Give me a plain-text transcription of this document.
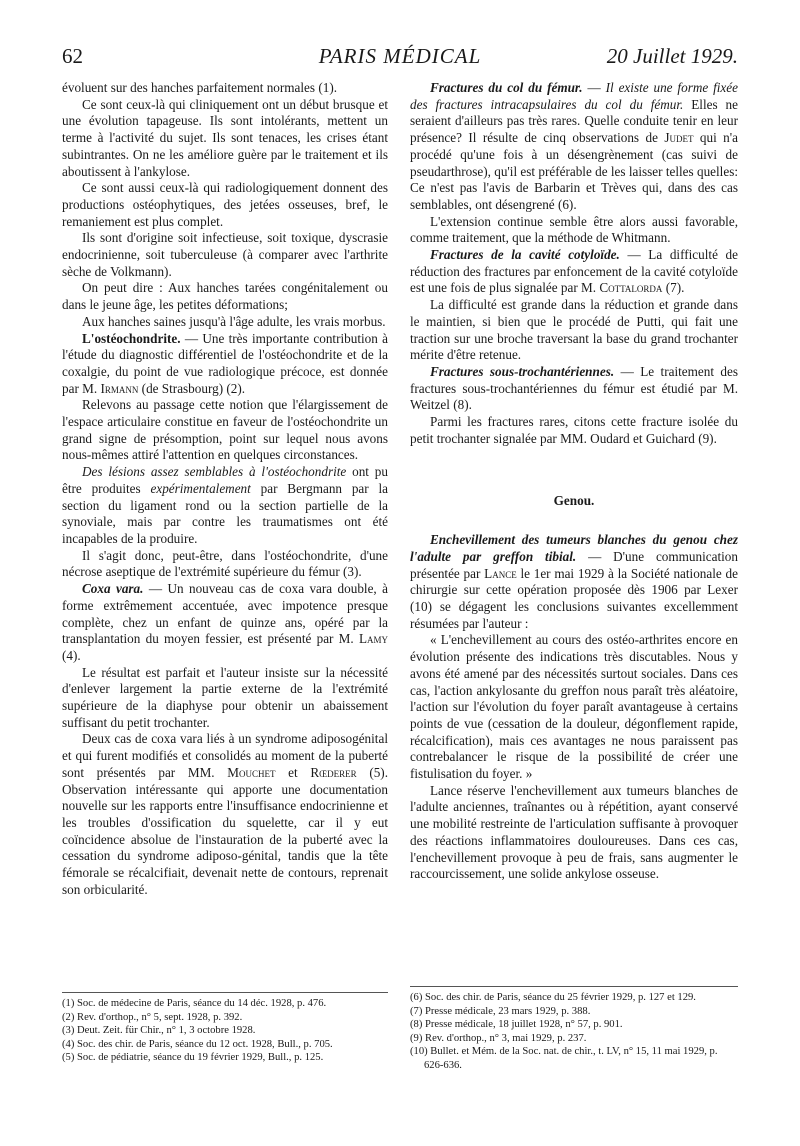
62	PARIS MÉDICAL	20 Juillet 1929.

évoluent sur des hanches parfaitement normales (1).

Ce sont ceux-là qui cliniquement ont un début brusque et une évolution tapageuse. Ils sont intolérants, mettent un terme à l'activité du sujet. Ils sont tenaces, les crises étant subintrantes. On ne les améliore guère par le traitement et ils aboutissent à l'ankylose.

Ce sont aussi ceux-là qui radiologiquement donnent des productions ostéophytiques, des jetées osseuses, bref, le remaniement est plus complet.

Ils sont d'origine soit infectieuse, soit toxique, dyscrasie endocrinienne, soit tuberculeuse (à comparer avec l'arthrite sèche de Volkmann).

On peut dire : Aux hanches tarées congénitalement ou dans le jeune âge, les petites déformations;

Aux hanches saines jusqu'à l'âge adulte, les vrais morbus.

L'ostéochondrite. — Une très importante contribution à l'étude du diagnostic différentiel de l'ostéochondrite et de la coxalgie, du point de vue radiologique précoce, est donnée par M. Irmann (de Strasbourg) (2).

Relevons au passage cette notion que l'élargissement de l'espace articulaire constitue en faveur de l'ostéochondrite un grand signe de présomption, point sur lequel nous avons nous-mêmes attiré l'attention en quelques circonstances.

Des lésions assez semblables à l'ostéochondrite ont pu être produites expérimentalement par Bergmann par la section du ligament rond ou la section partielle de la synoviale, mais par contre les traumatismes ont été incapables de la produire.

Il s'agit donc, peut-être, dans l'ostéochondrite, d'une nécrose aseptique de l'extrémité supérieure du fémur (3).

Coxa vara. — Un nouveau cas de coxa vara double, à forme extrêmement accentuée, avec impotence presque complète, chez un enfant de quinze ans, opéré par la transplantation du moyen fessier, est présenté par M. Lamy (4).

Le résultat est parfait et l'auteur insiste sur la nécessité d'enlever largement la partie externe de la l'extrémité supérieure de la diaphyse pour obtenir un abaissement suffisant du petit trochanter.

Deux cas de coxa vara liés à un syndrome adiposogénital et qui furent modifiés et consolidés au moment de la puberté sont présentés par MM. Mouchet et Rœderer (5). Observation intéressante qui apporte une documentation nouvelle sur les rapports entre l'insuffisance endocrinienne et les troubles d'ossification du squelette, car il y eut coïncidence absolue de l'instauration de la puberté avec la cessation du syndrome adiposo-génital, tandis que la tête fémorale se récalcifiait, devenait nette de contours, reprenait son orbicularité.

Fractures du col du fémur. — Il existe une forme fixée des fractures intracapsulaires du col du fémur. Elles ne seraient d'ailleurs pas très rares. Quelle conduite tenir en leur présence? Il résulte de cinq observations de Judet qui n'a procédé qu'une fois à un désengrènement (cas suivi de pseudarthrose), qu'il est préférable de les laisser telles quelles: Ce n'est pas l'avis de Barbarin et Trèves qui, dans des cas semblables, ont désengrené (6).

L'extension continue semble être alors aussi favorable, comme traitement, que la méthode de Whitmann.

Fractures de la cavité cotyloïde. — La difficulté de réduction des fractures par enfoncement de la cavité cotyloïde est une fois de plus signalée par M. Cottalorda (7).

La difficulté est grande dans la réduction et grande dans le maintien, si bien que le procédé de Putti, qui fait une traction sur une broche traversant la base du grand trochanter mérite d'être retenue.

Fractures sous-trochantériennes. — Le traitement des fractures sous-trochantériennes du fémur est étudié par M. Weitzel (8).

Parmi les fractures rares, citons cette fracture isolée du petit trochanter signalée par MM. Oudard et Guichard (9).

Genou.

Enchevillement des tumeurs blanches du genou chez l'adulte par greffon tibial. — D'une communication présentée par Lance le 1er mai 1929 à la Société nationale de chirurgie sur cette opération proposée dès 1906 par Lexer (10) se dégagent les conclusions suivantes excellemment résumées par l'auteur :

« L'enchevillement au cours des ostéo-arthrites encore en évolution présente des indications très discutables. Nous y avons été amené par des nécessités surtout sociales. Dans ces cas, l'action ankylosante du greffon nous paraît très aléatoire, l'action sur l'évolution du foyer paraît avantageuse à certains points de vue (cessation de la douleur, dégonflement rapide, récalcification), mais ces avantages ne nous paraissent pas contrebalancer le risque de la possibilité de créer une fistulisation du foyer. »

Lance réserve l'enchevillement aux tumeurs blanches de l'adulte anciennes, traînantes ou à répétition, ayant conservé une mobilité restreinte de l'articulation suffisante à provoquer des réactions inflammatoires douloureuses. Dans ces cas, l'enchevillement provoque à peu de frais, sans augmenter le raccourcissement, une solide ankylose osseuse.

(1) Soc. de médecine de Paris, séance du 14 déc. 1928, p. 476.
(2) Rev. d'orthop., n° 5, sept. 1928, p. 392.
(3) Deut. Zeit. für Chir., n° 1, 3 octobre 1928.
(4) Soc. des chir. de Paris, séance du 12 oct. 1928, Bull., p. 705.
(5) Soc. de pédiatrie, séance du 19 février 1929, Bull., p. 125.
(6) Soc. des chir. de Paris, séance du 25 février 1929, p. 127 et 129.
(7) Presse médicale, 23 mars 1929, p. 388.
(8) Presse médicale, 18 juillet 1928, n° 57, p. 901.
(9) Rev. d'orthop., n° 3, mai 1929, p. 237.
(10) Bullet. et Mém. de la Soc. nat. de chir., t. LV, n° 15, 11 mai 1929, p. 626-636.
